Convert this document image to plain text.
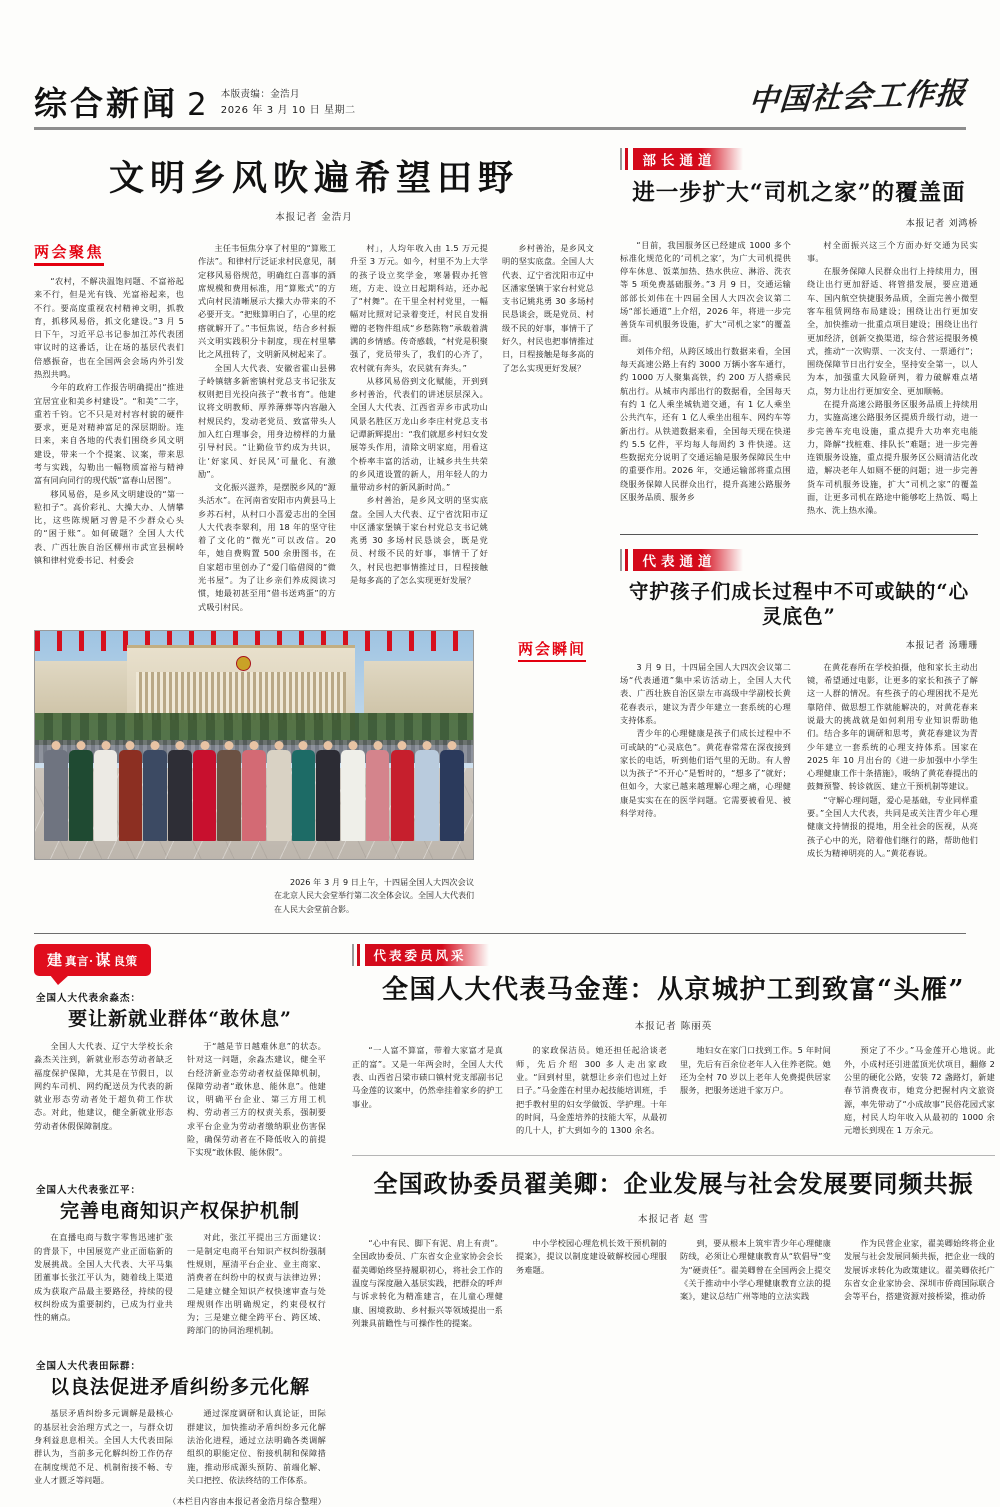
综合新闻 2 本版责编：金浩月
2026 年 3 月 10 日 星期二	中国社会工作报
文明乡风吹遍希望田野
本报记者 金浩月
两会聚焦

“农村，不解决温饱问题、不富裕起来不行，但是光有钱、光富裕起来，也不行。要高度重视农村精神文明，抓教育，抓移风易俗，抓文化建设。”3 月 5 日下午，习近平总书记参加江苏代表团审议时的这番话，让在场的基层代表们倍感振奋，也在全国两会会场内外引发热烈共鸣。

今年的政府工作报告明确提出“推进宜居宜业和美乡村建设”。“和美”二字，重若千钧。它不只是对村容村貌的硬件要求，更是对精神富足的深层期盼。连日来，来自各地的代表们围绕乡风文明建设，带来一个个提案、议案，带来思考与实践，勾勒出一幅物质富裕与精神富有同向同行的现代版“富春山居图”。

移风易俗，是乡风文明建设的“第一粒扣子”。高价彩礼、大操大办、人情攀比，这些陈规陋习曾是不少群众心头的“困于账”。如何破题？全国人大代表、广西壮族自治区柳州市武宣县桐岭镇和律村党委书记、村委会

主任韦恒焦分享了村里的“算账工作法”。和律村厅泛证求村民意见，制定移风易俗规范，明确红白喜事的酒席规模和费用标准，用“算账式”的方式向村民清晰展示大操大办带来的不必要开支。“把账算明白了，心里的疙瘩就解开了。”韦恒焦说，结合乡村振兴文明实践积分卡制度，现在村里攀比之风扭转了，文明新风树起来了。

全国人大代表、安徽省霍山县佛子岭镇辖多新密镇村党总支书记张友权则把目光投向孩子“教书育”。他建议将文明教师、厚养薄葬等内容融入村规民约，发动老党员、致富带头人加入红白理事会，用身边榜样的力量引导村民。“让勤俭节约成为共识，让‘好家风、好民风’可量化、有激励”。

文化振兴滋养，是摆脱乡风的“源头活水”。在河南省安阳市内黄县马上乡苏石村，从村口小喜爱志出的全国人大代表李翠利，用 18 年的坚守往着了文化的“微光”可以改信。20 年，她自费购置 500 余册图书，在自家超市里创办了“爱门临借阅的“微光书屋”。为了让乡亲们养成阅读习惯，她最初甚至用“借书送鸡蛋”的方式吸引村民。

村」，人均年收入由 1.5 万元提升至 3 万元。如今，村里不为上大学的孩子设立奖学金，寒暑假办托管班，方走、设立日起期科站，还办起了“村舞”。在干里全村村党里，一幅幅对比照对记录着变迁，村民自发捐赠的老物件组成“乡愁陈物”承载着满满的乡情感。传奇感载，“村党是积聚强了，党员带头了，我们的心齐了，农村就有奔头，农民就有奔头。”

从移风易俗到文化赋能，开到到乡村善治，代表们的讲述层层深入。全国人大代表、江西省弄乡市武功山风景名胜区万龙山乡李庄村党总支书记谭新辉提出：“我们就愿乡村妇女发展等头作用，清除文明家庭，用看这个桥率丰富的活动，让城乡共生共荣的乡风道设置的新人，用年轻人的力量带动乡村的新风新时尚。”

乡村善治，是乡风文明的坚实底盘。全国人大代表、辽宁省沈阳市辽中区潘家堡镇于家台村党总支书记姚兆勇 30 多场村民恳谈会，既是党员、村级不民的好事，事情干了好久，村民也把事情推过日，日程接触是每多高的了怎么实现更好发展？

乡村善治，是乡风文明的坚实底盘。全国人大代表、辽宁省沈阳市辽中区潘家堡镇于家台村党总支书记姚兆勇 30 多场村民恳谈会，既是党员、村级不民的好事，事情干了好久，村民也把事情推过日，日程接触是每多高的了怎么实现更好发展？

两会瞬间
2026 年 3 月 9 日上午，十四届全国人大四次会议在北京人民大会堂举行第二次全体会议。全国人大代表们在人民大会堂前合影。
部长通道
进一步扩大“司机之家”的覆盖面
本报记者 刘鸿桥

“目前，我国服务区已经建成 1000 多个标准化规范化的‘司机之家’，为广大司机提供停车休息、饭菜加热、热水供应、淋浴、洗衣等 5 项免费基础服务。”3 月 9 日，交通运输部部长刘伟在十四届全国人大四次会议第二场“部长通道”上介绍，2026 年，将进一步完善货车司机服务设施，扩大“司机之家”的覆盖面。

刘伟介绍，从跨区域出行数据来看，全国每天高速公路上有约 3000 万辆小客车通行，约 1000 万人聚集高铁，约 200 万人搭乘民航出行。从城市内部出行的数据看，全国每天有约 1 亿人乘坐城轨道交通，有 1 亿人乘坐公共汽车，还有 1 亿人乘坐出租车、网约车等新出行。从铁道数据来看，全国每天现在快递约 5.5 亿件，平均每人每周约 3 件快递。这些数据充分说明了交通运输是服务保障民生中的重要作用。2026 年，交通运输部将重点围绕服务保障人民群众出行，提升高速公路服务区服务品质、服务乡

村全面振兴这三个方面办好交通为民实事。

在服务保障人民群众出行上持续用力，围绕让出行更加舒适、将管措发展，要应道通车、国内航空快捷服务品质，全面完善小微型客车租赁网络布局建设；围绕让出行更加安全，加快推动一批重点项目建设；围绕让出行更加经济，创新交换渠道，综合营运提服务模式，推动“一次购票、一次支付、一票通行”；围绕保障节日出行安全，坚持安全第一，以人为本，加强重大风险研判，着力破解难点堵点，努力让出行更加安全、更加顺畅。

在提升高速公路服务区服务品质上持续用力，实施高速公路服务区提质升级行动，进一步完善车充电设施，重点提升大功率充电能力，降解“找桩难、排队长”难题；进一步完善连锁服务设施，重点提升服务区公厕清洁化改造，解决老年人如厕不便的问题；进一步完善货车司机服务设施，扩大“司机之家”的覆盖面，让更多司机在路途中能够吃上热饭、喝上热水、洗上热水澡。

代表通道
守护孩子们成长过程中不可或缺的“心灵底色”
本报记者 汤珊珊

3 月 9 日，十四届全国人大四次会议第二场“代表通道”集中采访活动上，全国人大代表、广西壮族自治区崇左市高级中学副校长黄花春表示，建议为青少年建立一套系统的心理支持体系。

青少年的心理健康是孩子们成长过程中不可或缺的“心灵底色”。黄花春常常在深夜接到家长的电话，听到他们语气里的无助。有人曾以为孩子“不开心”是暂时的，“想多了”就好；但如今，大家已越来越理解心理之痛，心理健康是实实在在的医学问题。它需要被看见、被科学对待。

在黄花春所在学校拍摄，他和家长主动出镜，希望通过电影，让更多的家长和孩子了解这一人群的情况。有些孩子的心理困扰不是光靠陪伴、做思想工作就能解决的，对黄花春来说最大的挑战就是如何利用专业知识帮助他们。结合多年的调研和思考，黄花春建议为青少年建立一套系统的心理支持体系。国家在 2025 年 10 月出台的《进一步加强中小学生心理健康工作十条措施》，吸纳了黄花春提出的鼓舞预警、转诊就医、建立干预机制等建议。

“守解心理问题，爱心是基础，专业同样重要。”全国人大代表，共同是或关注青少年心理健康文持情报的提地，用全社会的医视，从亮孩子心中的光，陪着他们继行的路，帮助他们成长为精神明亮的人。”黄花春说。

建 真言· 谋 良策
全国人大代表余淼杰：
要让新就业群体“敢休息”

全国人大代表、辽宁大学校长余淼杰关注到，新就业形态劳动者缺乏福度保护保障，尤其是在节假日，以网约车司机、网约配送员为代表的新就业形态劳动者处于超负荷工作状态。对此，他建议，健全新就业形态劳动者休假保障制度。

于“越是节日越难休息”的状态。针对这一问题，余淼杰建议，健全平台经济新业态劳动者权益保障机制，保障劳动者“敢休息、能休息”。他建议，明确平台企业、第三方用工机构、劳动者三方的权责关系，强制要求平台企业为劳动者缴纳职业伤害保险，确保劳动者在不降低收入的前提下实现“敢休假、能休假”。

全国人大代表张江平：
完善电商知识产权保护机制

在直播电商与数字零售迅速扩张的背景下，中国展览产业正面临新的发展挑战。全国人大代表、大平马集团董事长张江平认为，随着线上渠道成为获取产品最主要路径，持续的侵权纠纷成为重要制约，已成为行业共性的痛点。

对此，张江平提出三方面建议：一是制定电商平台知识产权纠纷强制性规则，厘清平台企业、业主商家、消费者在纠纷中的权责与法律边界；二是建立健全知识产权快速审查与处理规则作出明确规定，约束侵权行为；三是建立健全跨平台、跨区域、跨部门的协同治理机制。

全国人大代表田际群：
以良法促进矛盾纠纷多元化解

基层矛盾纠纷多元调解是最核心的基层社会治理方式之一，与群众切身利益息息相关。全国人大代表田际群认为，当前多元化解纠纷工作仍存在制度规范不足、机制衔接不畅、专业人才匮乏等问题。

通过深度调研和认真论证，田际群建议，加快推动矛盾纠纷多元化解法治化进程，通过立法明确各类调解组织的职能定位、衔接机制和保障措施，推动形成源头预防、前端化解、关口把控、依法终结的工作体系。

（本栏目内容由本报记者金浩月综合整理）
代表委员风采
全国人大代表马金莲：从京城护工到致富“头雁”
本报记者 陈丽英

“一人富不算富，带着大家富才是真正的富”。又是一年两会时，全国人大代表、山西省吕梁市碛口镇村党支部副书记马金莲的议案中，仍然牵挂着家乡的护工事业。

的家政保洁员。她还担任起洽谈老师，先后介绍 300 多人走出家政业。“回到村里，就想让乡亲们也过上好日子。”马金莲在村里办起技能培训班，手把手教村里的妇女学做饭、学护理。十年的时间，马金莲培养的技能大军，从最初的几十人，扩大到如今的 1300 余名。

地妇女在家门口找到工作。5 年时间里，先后有百余位老年人入住养老院。她还为全村 70 岁以上老年人免费提供居家服务，把服务送进千家万户。

预定了不少。”马金莲开心地说。此外，小成村还引进蓝顶光伏项目，翻修 2 公里的硬化公路，安装 72 盏路灯，新建春节消费夜市，她竞分把握村内文旅资源，率先带动了“小成故事”民俗花园式家庭，村民人均年收入从最初的 1000 余元增长到现在 1 万余元。

全国政协委员翟美卿：企业发展与社会发展要同频共振
本报记者 赵 雪

“心中有民、脚下有泥、肩上有责”。全国政协委员、广东省女企业家协会会长翟美卿始终坚持履职初心，将社会工作的温度与深度融入基层实践，把群众的呼声与诉求转化为精准建言，在儿童心理健康、困境救助、乡村振兴等领域提出一系列兼具前瞻性与可操作性的提案。

中小学校园心理危机长效干预机制的提案》，提议以制度建设破解校园心理服务难题。

到，要从根本上筑牢青少年心理健康防线，必须让心理健康教育从“软倡导”变为“硬责任”。翟美卿曾在全国两会上提交《关于推动中小学心理健康教育立法的提案》，建议总结广州等地的立法实践

作为民营企业家，翟美卿始终将企业发展与社会发展同频共振，把企业一线的发展诉求转化为政策建议。翟美卿依托广东省女企业家协会、深圳市侨商国际联合会等平台，搭建资源对接桥梁，推动侨
